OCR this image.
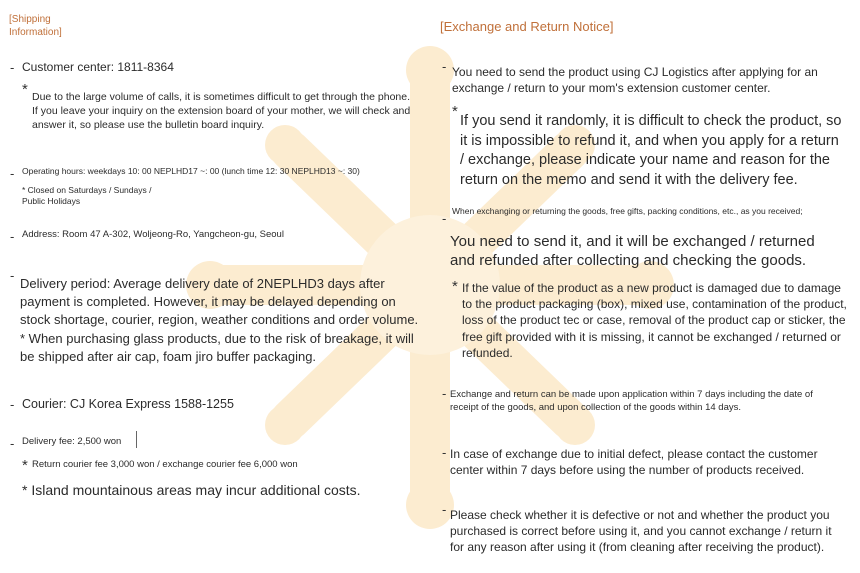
[Shipping Information]
- Customer center: 1811-8364
* Due to the large volume of calls, it is sometimes difficult to get through the phone. If you leave your inquiry on the extension board of your mother, we will check and answer it, so please use the bulletin board inquiry.
- Operating hours: weekdays 10: 00 NEPLHD17 ~: 00 (lunch time 12: 30 NEPLHD13 ~: 30)
* Closed on Saturdays / Sundays / Public Holidays
- Address: Room 47 A-302, Woljeong-Ro, Yangcheon-gu, Seoul
-
Delivery period: Average delivery date of 2NEPLHD3 days after payment is completed. However, it may be delayed depending on stock shortage, courier, region, weather conditions and order volume. * When purchasing glass products, due to the risk of breakage, it will be shipped after air cap, foam jiro buffer packaging.
- Courier: CJ Korea Express 1588-1255
- Delivery fee: 2,500 won
* Return courier fee 3,000 won / exchange courier fee 6,000 won
* Island mountainous areas may incur additional costs.
[Exchange and Return Notice]
- You need to send the product using CJ Logistics after applying for an exchange / return to your mom's extension customer center.
*
If you send it randomly, it is difficult to check the product, so it is impossible to refund it, and when you apply for a return / exchange, please indicate your name and reason for the return on the memo and send it with the delivery fee.
- When exchanging or returning the goods, free gifts, packing conditions, etc., as you received;
You need to send it, and it will be exchanged / returned and refunded after collecting and checking the goods.
* If the value of the product as a new product is damaged due to damage to the product packaging (box), mixed use, contamination of the product, loss of the product tec or case, removal of the product cap or sticker, the free gift provided with it is missing, it cannot be exchanged / returned or refunded.
- Exchange and return can be made upon application within 7 days including the date of receipt of the goods, and upon collection of the goods within 14 days.
- In case of exchange due to initial defect, please contact the customer center within 7 days before using the number of products received.
- Please check whether it is defective or not and whether the product you purchased is correct before using it, and you cannot exchange / return it for any reason after using it (from cleaning after receiving the product).
